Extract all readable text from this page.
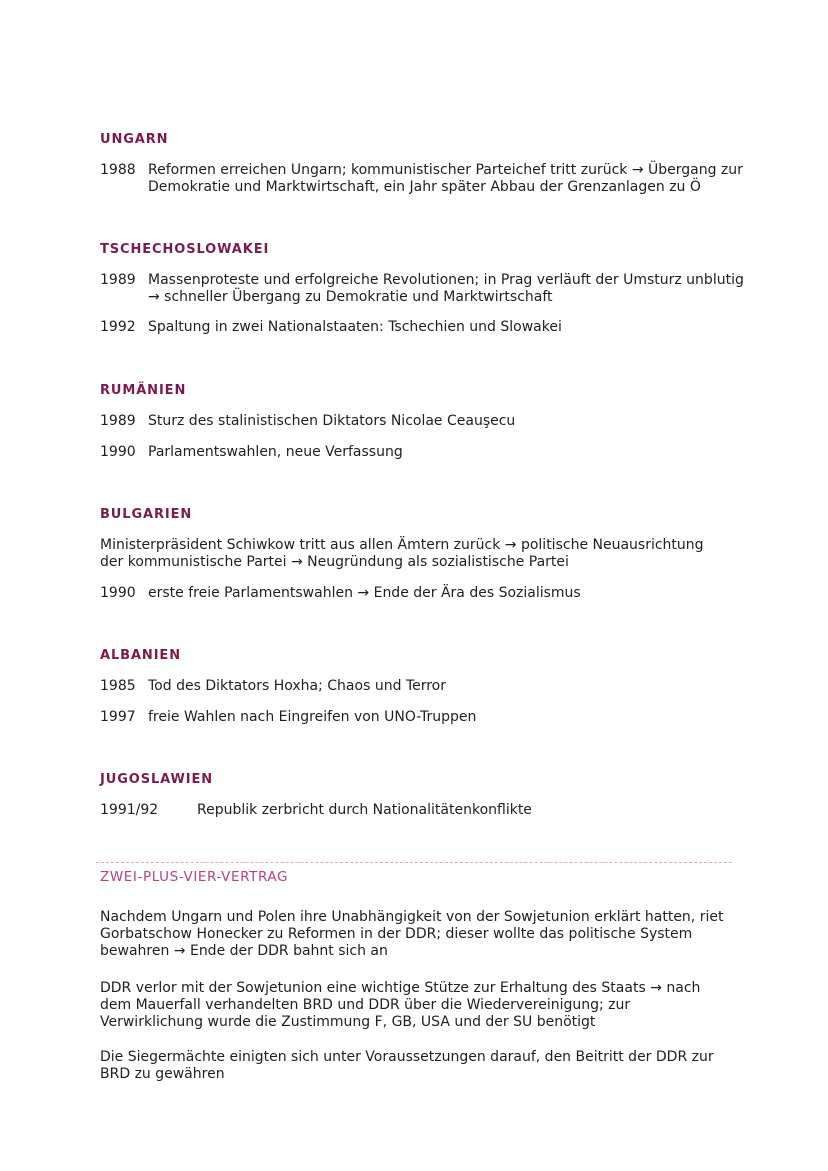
UNGARN
1988 Reformen erreichen Ungarn; kommunistischer Parteichef tritt zurück → Übergang zur Demokratie und Marktwirtschaft, ein Jahr später Abbau der Grenzanlagen zu Ö
TSCHECHOSLOWAKEI
1989 Massenproteste und erfolgreiche Revolutionen; in Prag verläuft der Umsturz unblutig → schneller Übergang zu Demokratie und Marktwirtschaft
1992 Spaltung in zwei Nationalstaaten: Tschechien und Slowakei
RUMÄNIEN
1989 Sturz des stalinistischen Diktators Nicolae Ceauşecu
1990 Parlamentswahlen, neue Verfassung
BULGARIEN
Ministerpräsident Schiwkow tritt aus allen Ämtern zurück → politische Neuausrichtung der kommunistische Partei → Neugründung als sozialistische Partei
1990 erste freie Parlamentswahlen → Ende der Ära des Sozialismus
ALBANIEN
1985 Tod des Diktators Hoxha; Chaos und Terror
1997 freie Wahlen nach Eingreifen von UNO-Truppen
JUGOSLAWIEN
1991/92	Republik zerbricht durch Nationalitätenkonflikte
ZWEI-PLUS-VIER-VERTRAG
Nachdem Ungarn und Polen ihre Unabhängigkeit von der Sowjetunion erklärt hatten, riet Gorbatschow Honecker zu Reformen in der DDR; dieser wollte das politische System bewahren → Ende der DDR bahnt sich an
DDR verlor mit der Sowjetunion eine wichtige Stütze zur Erhaltung des Staats → nach dem Mauerfall verhandelten BRD und DDR über die Wiedervereinigung; zur Verwirklichung wurde die Zustimmung F, GB, USA und der SU benötigt
Die Siegermächte einigten sich unter Voraussetzungen darauf, den Beitritt der DDR zur BRD zu gewähren
